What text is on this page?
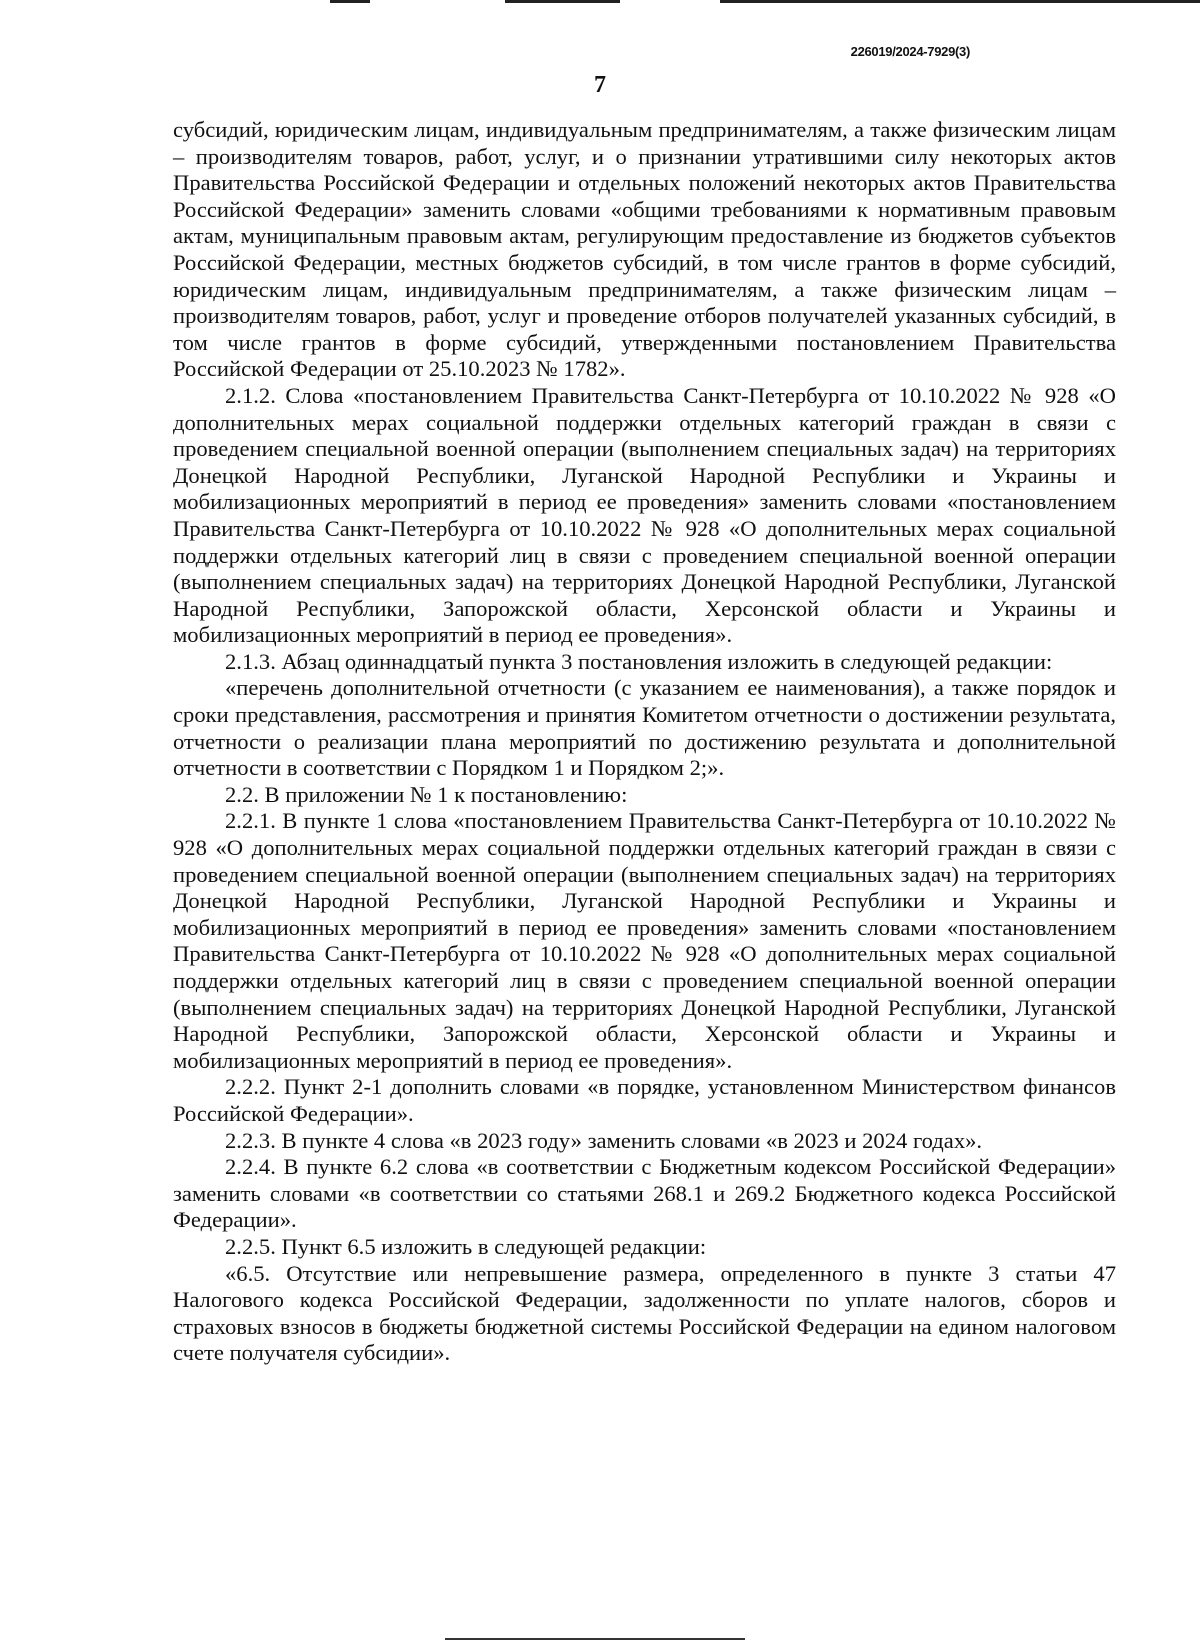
226019/2024-7929(3)
7

субсидий, юридическим лицам, индивидуальным предпринимателям, а также физическим лицам – производителям товаров, работ, услуг, и о признании утратившими силу некоторых актов Правительства Российской Федерации и отдельных положений некоторых актов Правительства Российской Федерации» заменить словами «общими требованиями к нормативным правовым актам, муниципальным правовым актам, регулирующим предоставление из бюджетов субъектов Российской Федерации, местных бюджетов субсидий, в том числе грантов в форме субсидий, юридическим лицам, индивидуальным предпринимателям, а также физическим лицам – производителям товаров, работ, услуг и проведение отборов получателей указанных субсидий, в том числе грантов в форме субсидий, утвержденными постановлением Правительства Российской Федерации от 25.10.2023 № 1782».

2.1.2. Слова «постановлением Правительства Санкт-Петербурга от 10.10.2022 № 928 «О дополнительных мерах социальной поддержки отдельных категорий граждан в связи с проведением специальной военной операции (выполнением специальных задач) на территориях Донецкой Народной Республики, Луганской Народной Республики и Украины и мобилизационных мероприятий в период ее проведения» заменить словами «постановлением Правительства Санкт-Петербурга от 10.10.2022 № 928 «О дополнительных мерах социальной поддержки отдельных категорий лиц в связи с проведением специальной военной операции (выполнением специальных задач) на территориях Донецкой Народной Республики, Луганской Народной Республики, Запорожской области, Херсонской области и Украины и мобилизационных мероприятий в период ее проведения».

2.1.3. Абзац одиннадцатый пункта 3 постановления изложить в следующей редакции:

«перечень дополнительной отчетности (с указанием ее наименования), а также порядок и сроки представления, рассмотрения и принятия Комитетом отчетности о достижении результата, отчетности о реализации плана мероприятий по достижению результата и дополнительной отчетности в соответствии с Порядком 1 и Порядком 2;».

2.2. В приложении № 1 к постановлению:

2.2.1. В пункте 1 слова «постановлением Правительства Санкт-Петербурга от 10.10.2022 № 928 «О дополнительных мерах социальной поддержки отдельных категорий граждан в связи с проведением специальной военной операции (выполнением специальных задач) на территориях Донецкой Народной Республики, Луганской Народной Республики и Украины и мобилизационных мероприятий в период ее проведения» заменить словами «постановлением Правительства Санкт-Петербурга от 10.10.2022 № 928 «О дополнительных мерах социальной поддержки отдельных категорий лиц в связи с проведением специальной военной операции (выполнением специальных задач) на территориях Донецкой Народной Республики, Луганской Народной Республики, Запорожской области, Херсонской области и Украины и мобилизационных мероприятий в период ее проведения».

2.2.2. Пункт 2-1 дополнить словами «в порядке, установленном Министерством финансов Российской Федерации».

2.2.3. В пункте 4 слова «в 2023 году» заменить словами «в 2023 и 2024 годах».

2.2.4. В пункте 6.2 слова «в соответствии с Бюджетным кодексом Российской Федерации» заменить словами «в соответствии со статьями 268.1 и 269.2 Бюджетного кодекса Российской Федерации».

2.2.5. Пункт 6.5 изложить в следующей редакции:

«6.5. Отсутствие или непревышение размера, определенного в пункте 3 статьи 47 Налогового кодекса Российской Федерации, задолженности по уплате налогов, сборов и страховых взносов в бюджеты бюджетной системы Российской Федерации на едином налоговом счете получателя субсидии».
